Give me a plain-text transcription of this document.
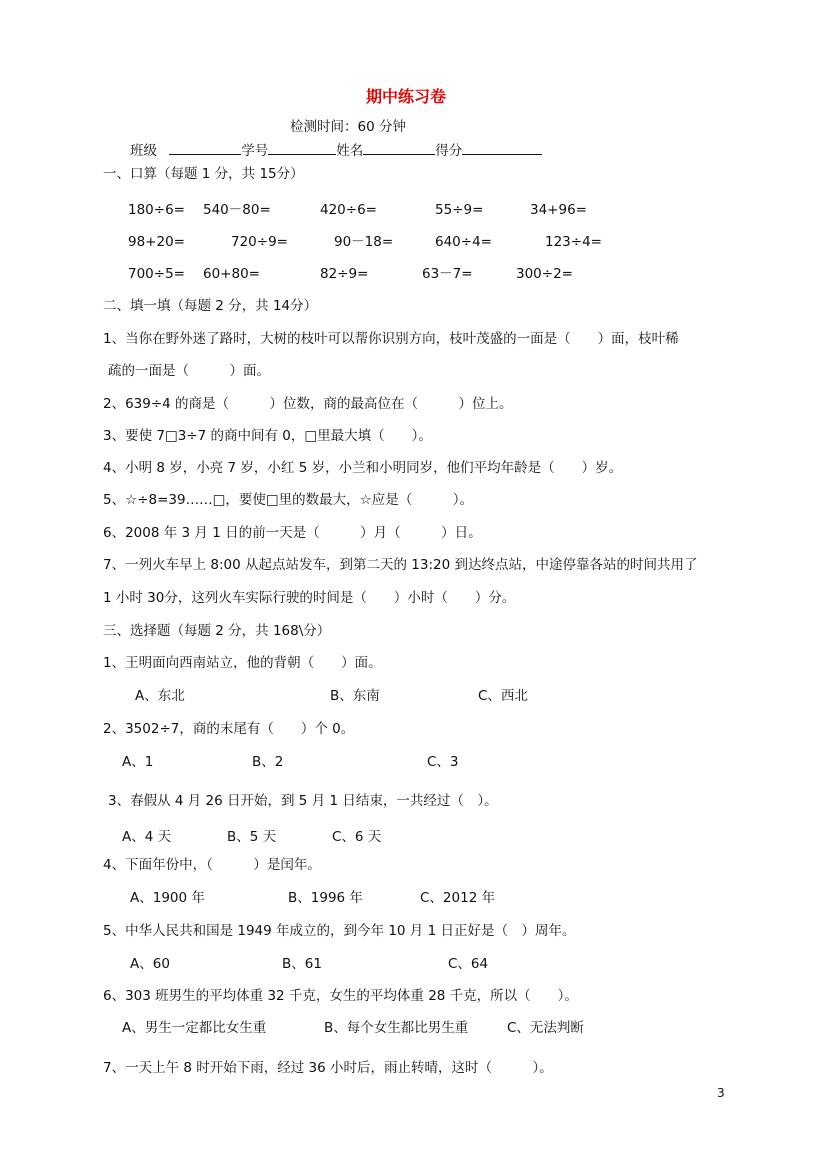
期中练习卷
检测时间：60 分钟
班级	学号	姓名	得分
一、口算（每题 1 分，共 15分）
180÷6= 540－80=	420÷6=	55÷9=	34+96=
98+20=	720÷9=	90－18=	640÷4=	123÷4=
700÷5= 60+80=	82÷9=	63－7=	300÷2=
二、填一填（每题 2 分，共 14分）
1、当你在野外迷了路时，大树的枝叶可以帮你识别方向，枝叶茂盛的一面是（　　）面，枝叶稀
疏的一面是（　　　）面。
2、639÷4 的商是（　　　）位数，商的最高位在（　　　）位上。
3、要使 7□3÷7 的商中间有 0，□里最大填（　　）。
4、小明 8 岁，小亮 7 岁，小红 5 岁，小兰和小明同岁，他们平均年龄是（　　）岁。
5、☆÷8=39……□，要使□里的数最大，☆应是（　　　）。
6、2008 年 3 月 1 日的前一天是（　　　）月（　　　）日。
7、一列火车早上 8:00 从起点站发车，到第二天的 13:20 到达终点站，中途停靠各站的时间共用了
1 小时 30分，这列火车实际行驶的时间是（　　）小时（　　）分。
三、选择题（每题 2 分，共 168\分）
1、王明面向西南站立，他的背朝（　　）面。
A、东北	B、东南	C、西北
2、3502÷7，商的末尾有（　　）个 0。
A、1	B、2	C、3
3、春假从 4 月 26 日开始，到 5 月 1 日结束，一共经过（　）。
A、4 天	B、5 天	C、6 天
4、下面年份中，（　　　）是闰年。
A、1900 年	B、1996 年	C、2012 年
5、中华人民共和国是 1949 年成立的，到今年 10 月 1 日正好是（　）周年。
A、60	B、61	C、64
6、303 班男生的平均体重 32 千克，女生的平均体重 28 千克，所以（　　）。
A、男生一定都比女生重	B、每个女生都比男生重	C、无法判断
7、一天上午 8 时开始下雨，经过 36 小时后，雨止转晴，这时（　　　）。
3
